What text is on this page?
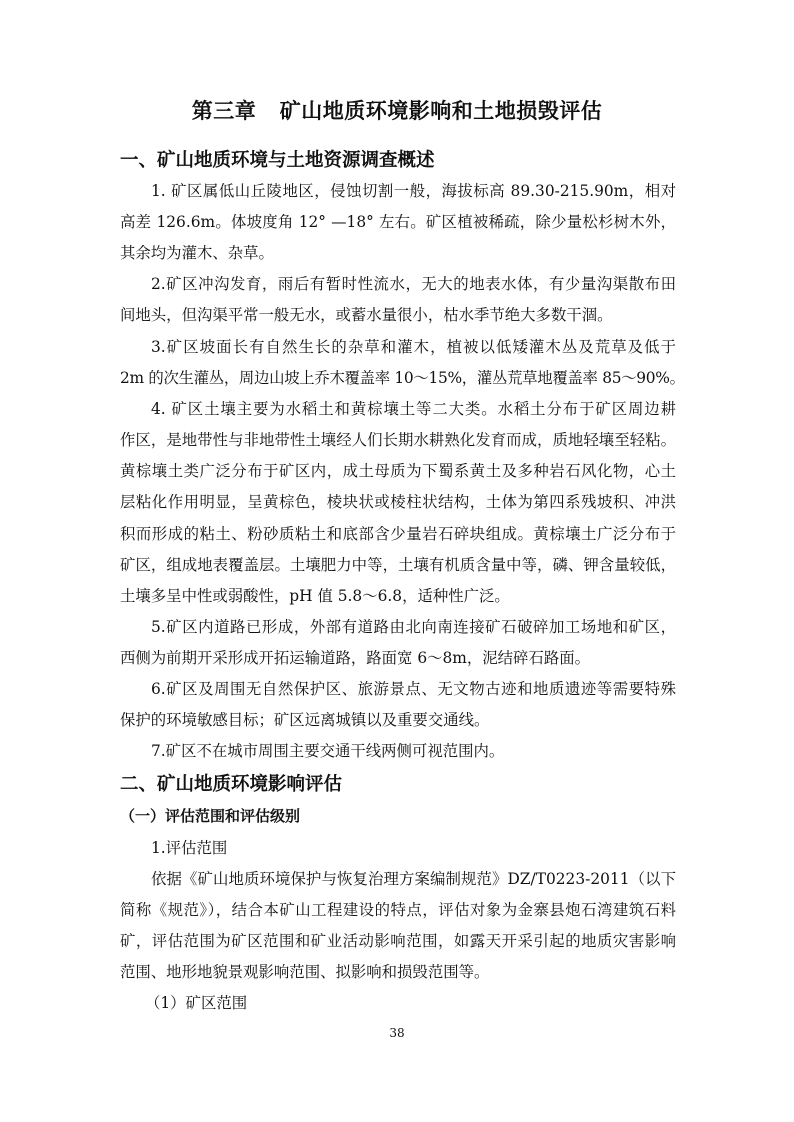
第三章   矿山地质环境影响和土地损毁评估
一、矿山地质环境与土地资源调查概述
1. 矿区属低山丘陵地区，侵蚀切割一般，海拔标高 89.30-215.90m，相对
高差 126.6m。体坡度角 12° —18° 左右。矿区植被稀疏，除少量松杉树木外，
其余均为灌木、杂草。
2.矿区冲沟发育，雨后有暂时性流水，无大的地表水体，有少量沟渠散布田
间地头，但沟渠平常一般无水，或蓄水量很小，枯水季节绝大多数干涸。
3.矿区坡面长有自然生长的杂草和灌木，植被以低矮灌木丛及荒草及低于
2m 的次生灌丛，周边山坡上乔木覆盖率 10～15%，灌丛荒草地覆盖率 85～90%。
4. 矿区土壤主要为水稻土和黄棕壤土等二大类。水稻土分布于矿区周边耕
作区，是地带性与非地带性土壤经人们长期水耕熟化发育而成，质地轻壤至轻粘。
黄棕壤土类广泛分布于矿区内，成土母质为下蜀系黄土及多种岩石风化物，心土
层粘化作用明显，呈黄棕色，棱块状或棱柱状结构，土体为第四系残坡积、冲洪
积而形成的粘土、粉砂质粘土和底部含少量岩石碎块组成。黄棕壤土广泛分布于
矿区，组成地表覆盖层。土壤肥力中等，土壤有机质含量中等，磷、钾含量较低，
土壤多呈中性或弱酸性，pH 值 5.8～6.8，适种性广泛。
5.矿区内道路已形成，外部有道路由北向南连接矿石破碎加工场地和矿区，
西侧为前期开采形成开拓运输道路，路面宽 6～8m，泥结碎石路面。
6.矿区及周围无自然保护区、旅游景点、无文物古迹和地质遗迹等需要特殊
保护的环境敏感目标；矿区远离城镇以及重要交通线。
7.矿区不在城市周围主要交通干线两侧可视范围内。
二、矿山地质环境影响评估
（一）评估范围和评估级别
1.评估范围
依据《矿山地质环境保护与恢复治理方案编制规范》DZ/T0223-2011（以下
简称《规范》），结合本矿山工程建设的特点，评估对象为金寨县炮石湾建筑石料
矿，评估范围为矿区范围和矿业活动影响范围，如露天开采引起的地质灾害影响
范围、地形地貌景观影响范围、拟影响和损毁范围等。
（1）矿区范围
38
